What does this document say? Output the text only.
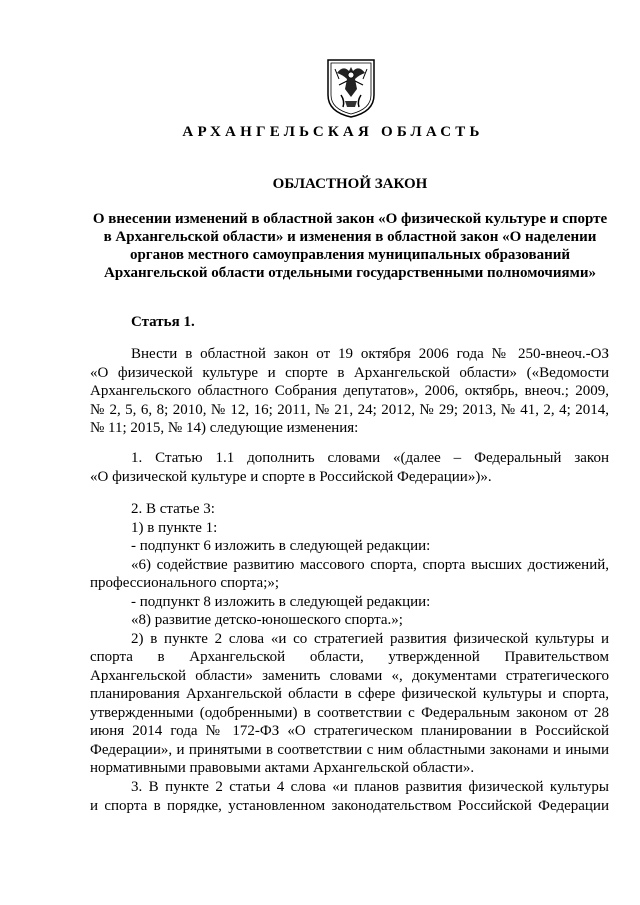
АРХАНГЕЛЬСКАЯ ОБЛАСТЬ
ОБЛАСТНОЙ ЗАКОН
О внесении изменений в областной закон «О физической культуре и спорте
в Архангельской области» и изменения в областной закон «О наделении
органов местного самоуправления муниципальных образований
Архангельской области отдельными государственными полномочиями»
Статья 1.
Внести в областной закон от 19 октября 2006 года № 250-внеоч.-ОЗ
«О физической культуре и спорте в Архангельской области» («Ведомости
Архангельского областного Собрания депутатов», 2006, октябрь, внеоч.; 2009,
№ 2, 5, 6, 8; 2010, № 12, 16; 2011, № 21, 24; 2012, № 29; 2013, № 41, 2, 4; 2014,
№ 11; 2015, № 14) следующие изменения:
1. Статью 1.1 дополнить словами «(далее – Федеральный закон
«О физической культуре и спорте в Российской Федерации»)».
2. В статье 3:
1) в пункте 1:
- подпункт 6 изложить в следующей редакции:
«6) содействие развитию массового спорта, спорта высших достижений,
профессионального спорта;»;
- подпункт 8 изложить в следующей редакции:
«8) развитие детско-юношеского спорта.»;
2) в пункте 2 слова «и со стратегией развития физической культуры и
спорта в Архангельской области, утвержденной Правительством
Архангельской области» заменить словами «, документами стратегического
планирования Архангельской области в сфере физической культуры и спорта,
утвержденными (одобренными) в соответствии с Федеральным законом от 28
июня 2014 года № 172-ФЗ «О стратегическом планировании в Российской
Федерации», и принятыми в соответствии с ним областными законами и иными
нормативными правовыми актами Архангельской области».
3. В пункте 2 статьи 4 слова «и планов развития физической культуры
и спорта в порядке, установленном законодательством Российской Федерации
